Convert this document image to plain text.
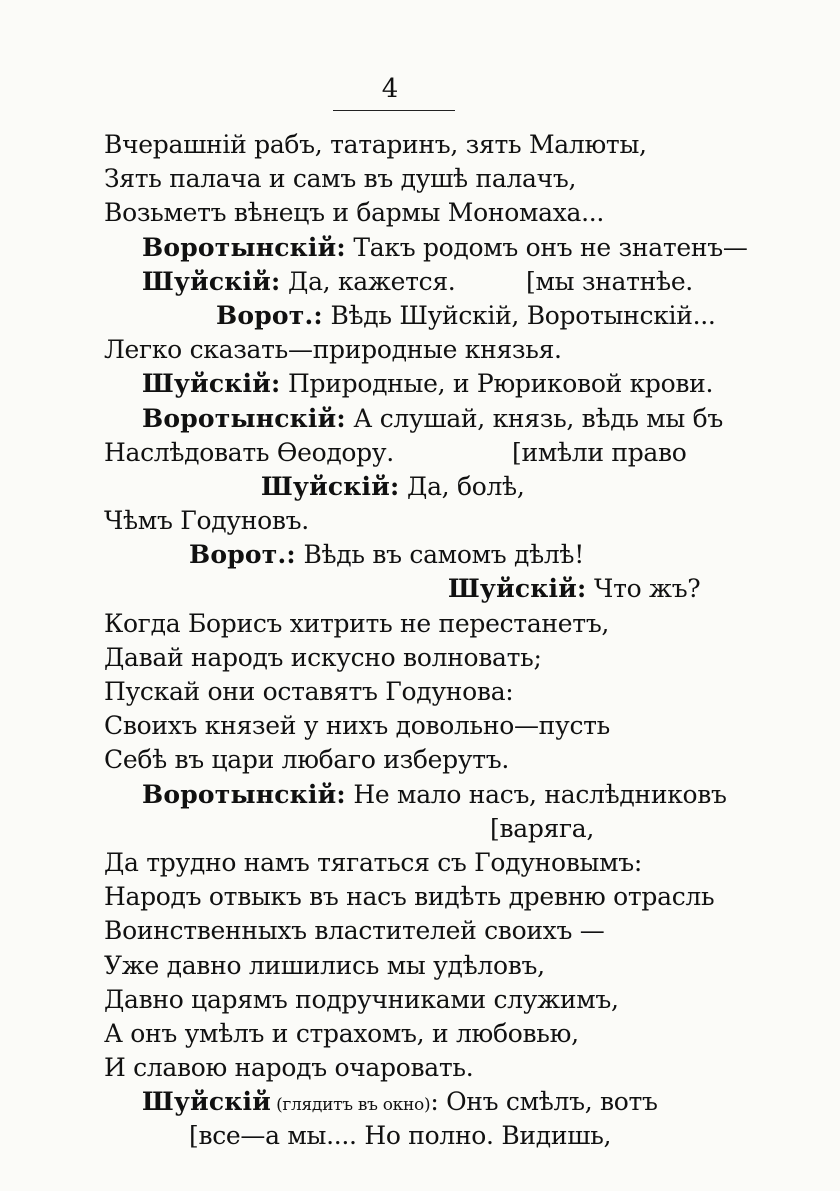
4
Вчерашній рабъ, татаринъ, зять Малюты,
Зять палача и самъ въ душѣ палачъ,
Возьметъ вѣнецъ и бармы Мономаха...
Воротынскій: Такъ родомъ онъ не знатенъ—
Шуйскій: Да, кажется.	[мы знатнѣе.
Ворот.: Вѣдь Шуйскій, Воротынскій...
Легко сказать—природные князья.
Шуйскій: Природные, и Рюриковой крови.
Воротынскій: А слушай, князь, вѣдь мы бъ
Наслѣдовать Ѳеодору.	[имѣли право
Шуйскій: Да, болѣ,
Чѣмъ Годуновъ.
Ворот.: Вѣдь въ самомъ дѣлѣ!
Шуйскій: Что жъ?
Когда Борисъ хитрить не перестанетъ,
Давай народъ искусно волновать;
Пускай они оставятъ Годунова:
Своихъ князей у нихъ довольно—пусть
Себѣ въ цари любаго изберутъ.
Воротынскій: Не мало насъ, наслѣдниковъ
[варяга,
Да трудно намъ тягаться съ Годуновымъ:
Народъ отвыкъ въ насъ видѣть древню отрасль
Воинственныхъ властителей своихъ —
Уже давно лишились мы удѣловъ,
Давно царямъ подручниками служимъ,
А онъ умѣлъ и страхомъ, и любовью,
И славою народъ очаровать.
Шуйскій (глядитъ въ окно): Онъ смѣлъ, вотъ
[все—а мы.... Но полно. Видишь,
